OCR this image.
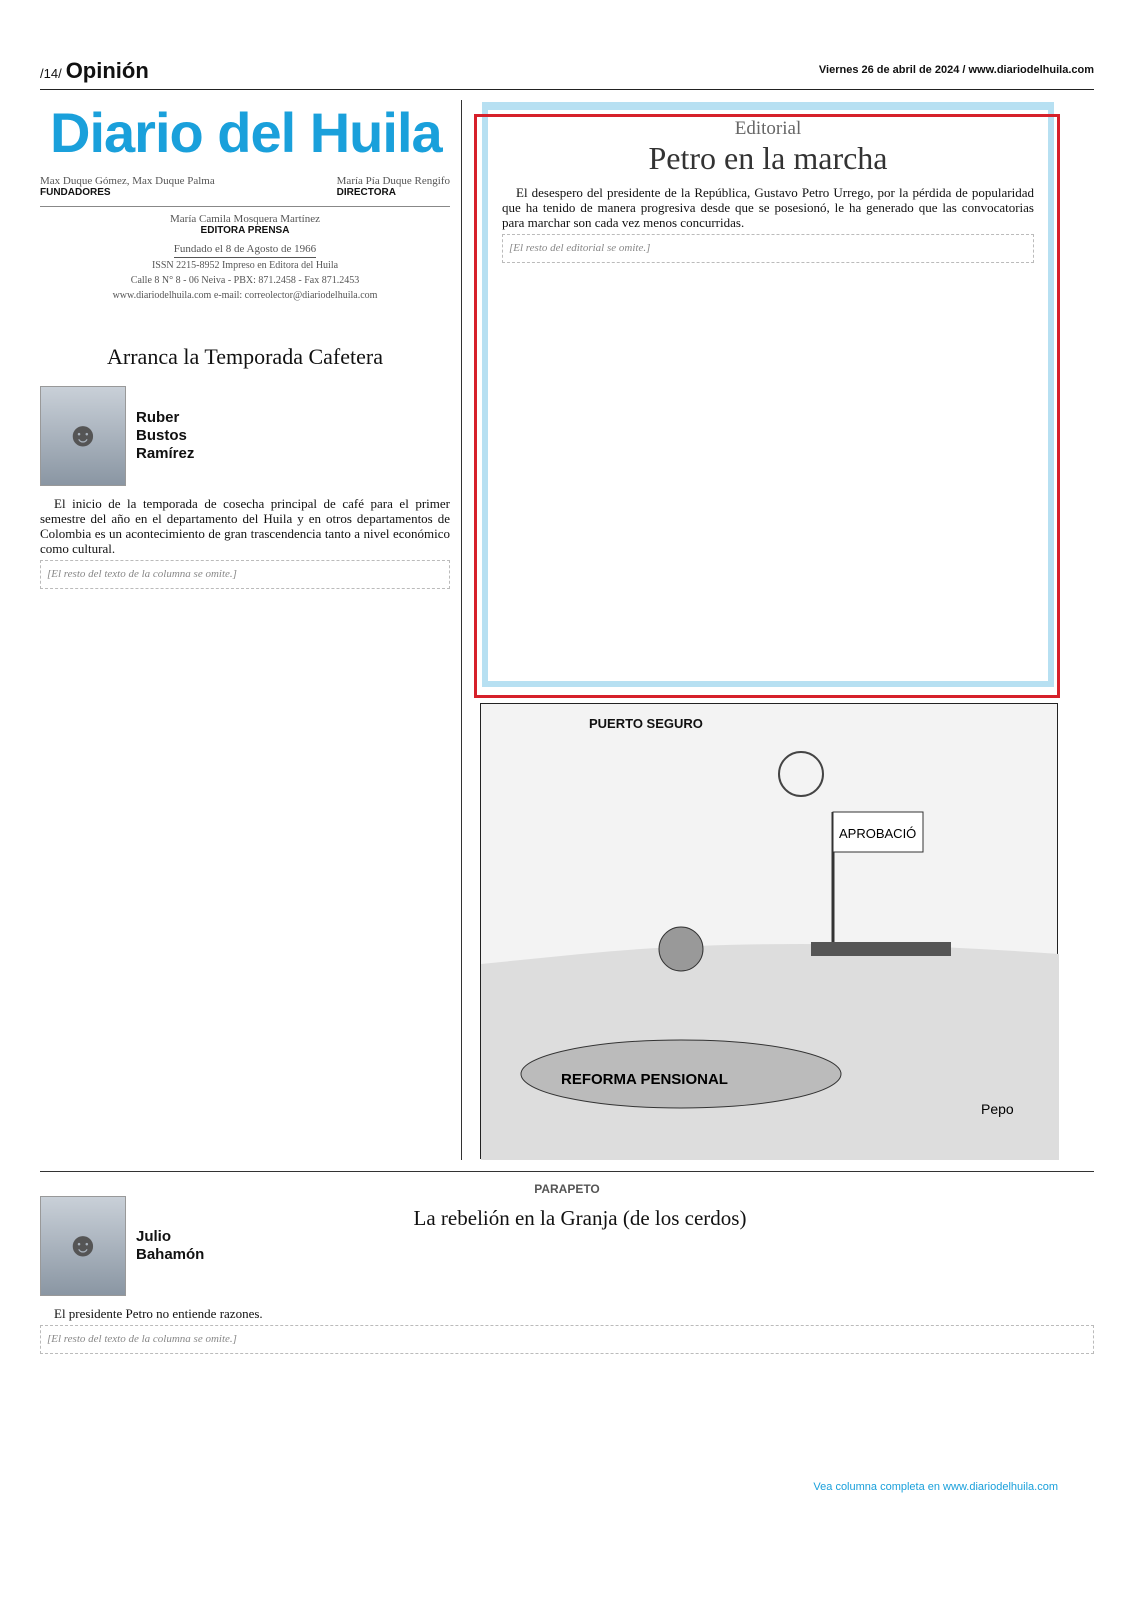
/14/ Opinión	Viernes 26 de abril de 2024 / www.diariodelhuila.com
Diario del Huila
Max Duque Gómez, Max Duque Palma
FUNDADORES
María Pía Duque Rengifo
DIRECTORA
María Camila Mosquera Martínez
EDITORA PRENSA
Fundado el 8 de Agosto de 1966
ISSN 2215-8952 Impreso en Editora del Huila
Calle 8 N° 8 - 06 Neiva - PBX: 871.2458 - Fax 871.2453
www.diariodelhuila.com e-mail: correolector@diariodelhuila.com
Arranca la Temporada Cafetera
☻	Ruber Bustos Ramírez

El inicio de la temporada de cosecha principal de café para el primer semestre del año en el departamento del Huila y en otros departamentos de Colombia es un acontecimiento de gran trascendencia tanto a nivel económico como cultural.

[El resto del texto de la columna se omite.]

Editorial
Petro en la marcha

El desespero del presidente de la República, Gustavo Petro Urrego, por la pérdida de popularidad que ha tenido de manera progresiva desde que se posesionó, le ha generado que las convocatorias para marchar son cada vez menos concurridas.

[El resto del editorial se omite.]

PUERTO SEGURO
APROBACIÓ
REFORMA PENSIONAL
Pepo
PARAPETO
La rebelión en la Granja (de los cerdos)
☻	Julio Bahamón

El presidente Petro no entiende razones.

[El resto del texto de la columna se omite.]

Vea columna completa en www.diariodelhuila.com
